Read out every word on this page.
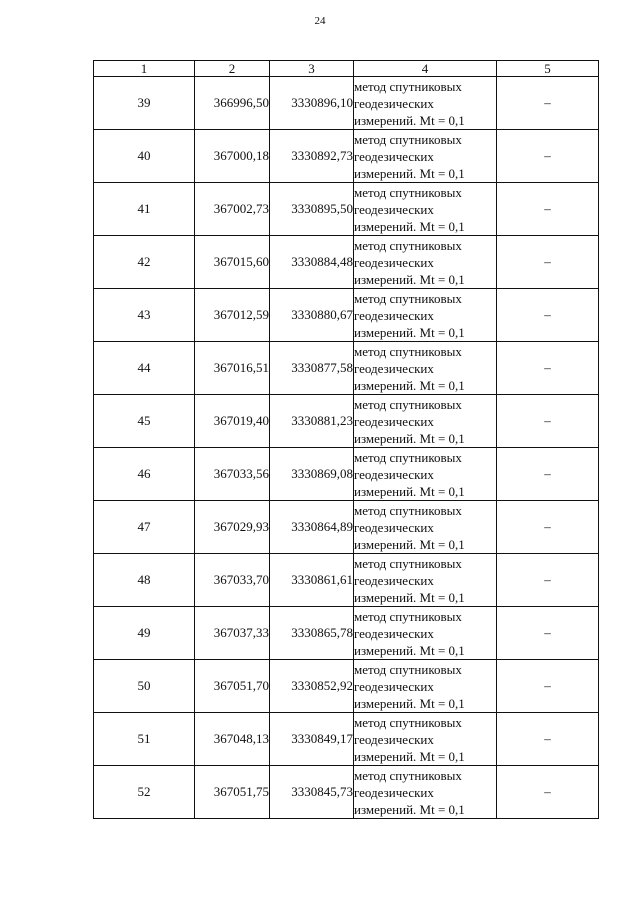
24
1	2	3	4	5
39	366996,50	3330896,10	метод спутниковых
геодезических
измерений. Mt = 0,1	–
40	367000,18	3330892,73	метод спутниковых
геодезических
измерений. Mt = 0,1	–
41	367002,73	3330895,50	метод спутниковых
геодезических
измерений. Mt = 0,1	–
42	367015,60	3330884,48	метод спутниковых
геодезических
измерений. Mt = 0,1	–
43	367012,59	3330880,67	метод спутниковых
геодезических
измерений. Mt = 0,1	–
44	367016,51	3330877,58	метод спутниковых
геодезических
измерений. Mt = 0,1	–
45	367019,40	3330881,23	метод спутниковых
геодезических
измерений. Mt = 0,1	–
46	367033,56	3330869,08	метод спутниковых
геодезических
измерений. Mt = 0,1	–
47	367029,93	3330864,89	метод спутниковых
геодезических
измерений. Mt = 0,1	–
48	367033,70	3330861,61	метод спутниковых
геодезических
измерений. Mt = 0,1	–
49	367037,33	3330865,78	метод спутниковых
геодезических
измерений. Mt = 0,1	–
50	367051,70	3330852,92	метод спутниковых
геодезических
измерений. Mt = 0,1	–
51	367048,13	3330849,17	метод спутниковых
геодезических
измерений. Mt = 0,1	–
52	367051,75	3330845,73	метод спутниковых
геодезических
измерений. Mt = 0,1	–
